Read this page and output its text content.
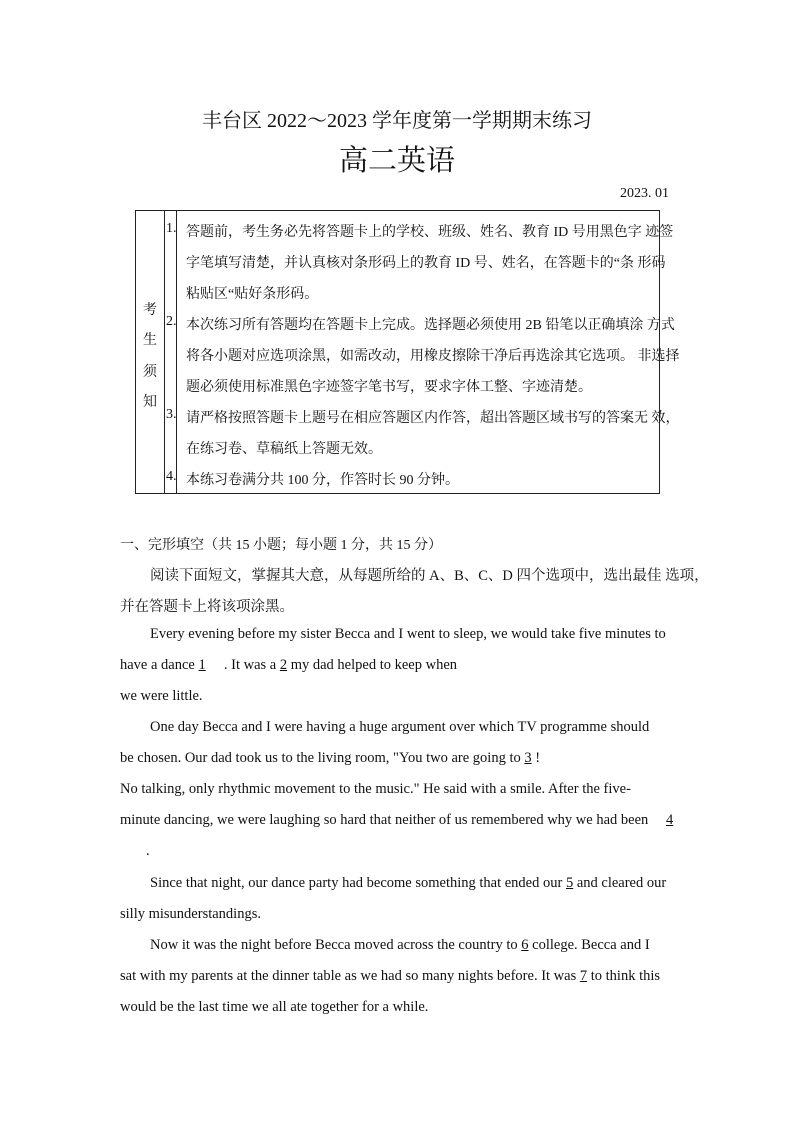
丰台区 2022～2023 学年度第一学期期末练习
高二英语
2023. 01
考
生
须
知
1. 答题前，考生务必先将答题卡上的学校、班级、姓名、教育 ID 号用黑色字 迹签
字笔填写清楚，并认真核对条形码上的教育 ID 号、姓名，在答题卡的“条 形码
粘贴区“贴好条形码。
2. 本次练习所有答题均在答题卡上完成。选择题必须使用 2B 铅笔以正确填涂 方式
将各小题对应选项涂黑，如需改动，用橡皮擦除干净后再选涂其它选项。 非选择
题必须使用标准黑色字迹签字笔书写，要求字体工整、字迹清楚。
3. 请严格按照答题卡上题号在相应答题区内作答，超出答题区域书写的答案无 效，
在练习卷、草稿纸上答题无效。
4. 本练习卷满分共 100 分，作答时长 90 分钟。
一、完形填空（共 15 小题；每小题 1 分，共 15 分）
阅读下面短文，掌握其大意，从每题所给的 A、B、C、D 四个选项中，选出最佳 选项，
并在答题卡上将该项涂黑。
Every evening before my sister Becca and I went to sleep, we would take five minutes to
have a dance 1     . It was a 2 my dad helped to keep when
we were little.
One day Becca and I were having a huge argument over which TV programme should
be chosen. Our dad took us to the living room, "You two are going to 3 !
No talking, only rhythmic movement to the music." He said with a smile. After the five-
minute dancing, we were laughing so hard that neither of us remembered why we had been 4
.
Since that night, our dance party had become something that ended our 5 and cleared our
silly misunderstandings.
Now it was the night before Becca moved across the country to 6 college. Becca and I
sat with my parents at the dinner table as we had so many nights before. It was 7 to think this
would be the last time we all ate together for a while.
